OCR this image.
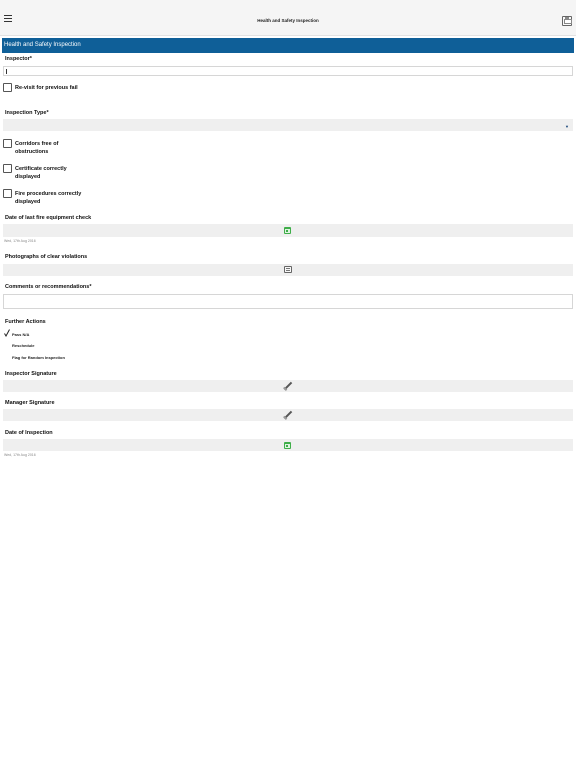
Health and Safety Inspection
Health and Safety Inspection
Inspector*
Re-visit for previous fail
Inspection Type*
▼
Corridors free of obstructions
Certificate correctly displayed
Fire procedures correctly displayed
Date of last fire equipment check
Wed, 17th Aug 2016
Photographs of clear violations
Comments or recommendations*
Further Actions
Pass N/A
Reschedule
Flag for Random Inspection
Inspector Signature
Manager Signature
Date of Inspection
Wed, 17th Aug 2016
